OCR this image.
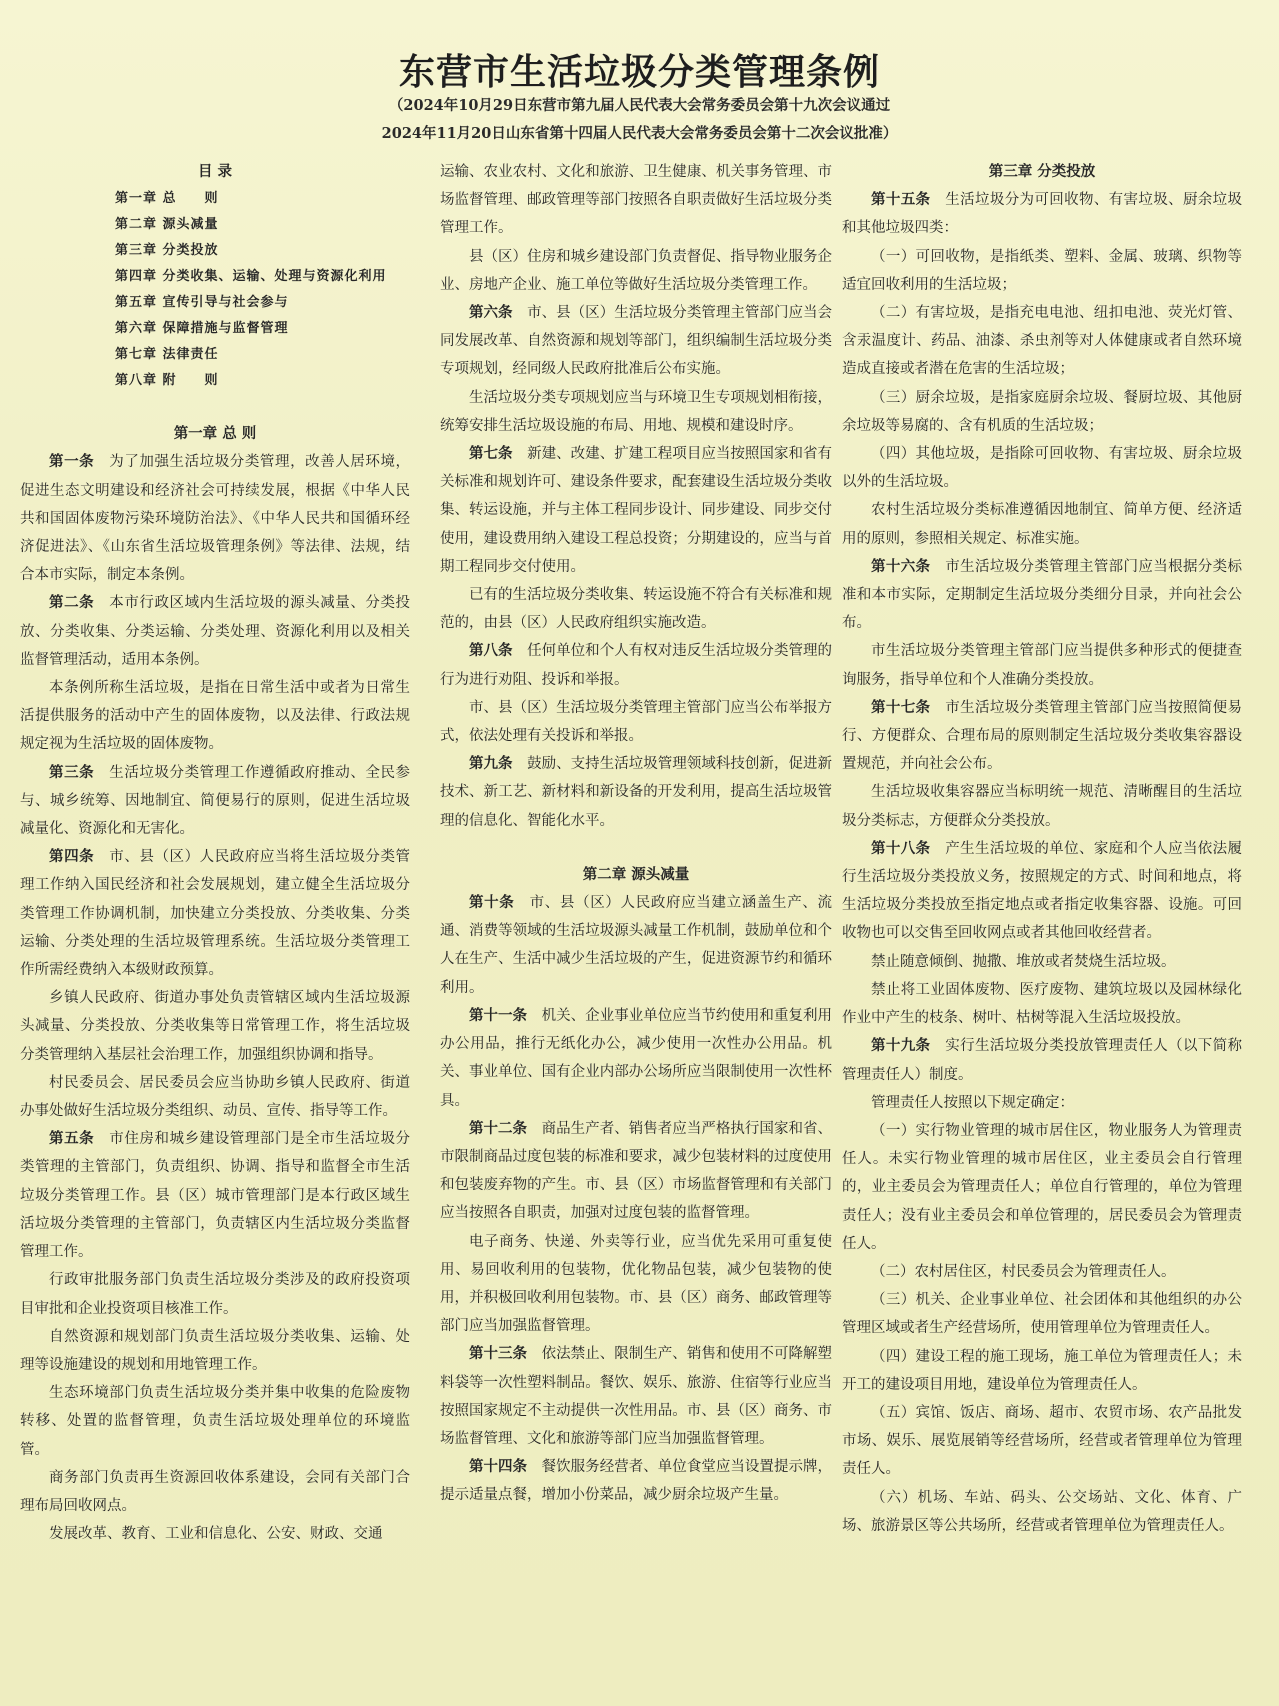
东营市生活垃圾分类管理条例
（2024年10月29日东营市第九届人民代表大会常务委员会第十九次会议通过
2024年11月20日山东省第十四届人民代表大会常务委员会第十二次会议批准）

目 录

第一章 总　　则
第二章 源头减量
第三章 分类投放
第四章 分类收集、运输、处理与资源化利用
第五章 宣传引导与社会参与
第六章 保障措施与监督管理
第七章 法律责任
第八章 附　　则

第一章 总 则

第一条　 为了加强生活垃圾分类管理，改善人居环境，促进生态文明建设和经济社会可持续发展，根据《中华人民共和国固体废物污染环境防治法》、《中华人民共和国循环经济促进法》、《山东省生活垃圾管理条例》等法律、法规，结合本市实际，制定本条例。

第二条　 本市行政区域内生活垃圾的源头减量、分类投放、分类收集、分类运输、分类处理、资源化利用以及相关监督管理活动，适用本条例。

本条例所称生活垃圾，是指在日常生活中或者为日常生活提供服务的活动中产生的固体废物，以及法律、行政法规规定视为生活垃圾的固体废物。

第三条　 生活垃圾分类管理工作遵循政府推动、全民参与、城乡统筹、因地制宜、简便易行的原则，促进生活垃圾减量化、资源化和无害化。

第四条　 市、县（区）人民政府应当将生活垃圾分类管理工作纳入国民经济和社会发展规划，建立健全生活垃圾分类管理工作协调机制，加快建立分类投放、分类收集、分类运输、分类处理的生活垃圾管理系统。生活垃圾分类管理工作所需经费纳入本级财政预算。

乡镇人民政府、街道办事处负责管辖区域内生活垃圾源头减量、分类投放、分类收集等日常管理工作，将生活垃圾分类管理纳入基层社会治理工作，加强组织协调和指导。

村民委员会、居民委员会应当协助乡镇人民政府、街道办事处做好生活垃圾分类组织、动员、宣传、指导等工作。

第五条　 市住房和城乡建设管理部门是全市生活垃圾分类管理的主管部门，负责组织、协调、指导和监督全市生活垃圾分类管理工作。县（区）城市管理部门是本行政区域生活垃圾分类管理的主管部门，负责辖区内生活垃圾分类监督管理工作。

行政审批服务部门负责生活垃圾分类涉及的政府投资项目审批和企业投资项目核准工作。

自然资源和规划部门负责生活垃圾分类收集、运输、处理等设施建设的规划和用地管理工作。

生态环境部门负责生活垃圾分类并集中收集的危险废物转移、处置的监督管理，负责生活垃圾处理单位的环境监管。

商务部门负责再生资源回收体系建设，会同有关部门合理布局回收网点。

发展改革、教育、工业和信息化、公安、财政、交通

运输、农业农村、文化和旅游、卫生健康、机关事务管理、市场监督管理、邮政管理等部门按照各自职责做好生活垃圾分类管理工作。

县（区）住房和城乡建设部门负责督促、指导物业服务企业、房地产企业、施工单位等做好生活垃圾分类管理工作。

第六条　 市、县（区）生活垃圾分类管理主管部门应当会同发展改革、自然资源和规划等部门，组织编制生活垃圾分类专项规划，经同级人民政府批准后公布实施。

生活垃圾分类专项规划应当与环境卫生专项规划相衔接，统筹安排生活垃圾设施的布局、用地、规模和建设时序。

第七条　 新建、改建、扩建工程项目应当按照国家和省有关标准和规划许可、建设条件要求，配套建设生活垃圾分类收集、转运设施，并与主体工程同步设计、同步建设、同步交付使用，建设费用纳入建设工程总投资；分期建设的，应当与首期工程同步交付使用。

已有的生活垃圾分类收集、转运设施不符合有关标准和规范的，由县（区）人民政府组织实施改造。

第八条　 任何单位和个人有权对违反生活垃圾分类管理的行为进行劝阻、投诉和举报。

市、县（区）生活垃圾分类管理主管部门应当公布举报方式，依法处理有关投诉和举报。

第九条　 鼓励、支持生活垃圾管理领域科技创新，促进新技术、新工艺、新材料和新设备的开发利用，提高生活垃圾管理的信息化、智能化水平。

第二章 源头减量

第十条　 市、县（区）人民政府应当建立涵盖生产、流通、消费等领域的生活垃圾源头减量工作机制，鼓励单位和个人在生产、生活中减少生活垃圾的产生，促进资源节约和循环利用。

第十一条　 机关、企业事业单位应当节约使用和重复利用办公用品，推行无纸化办公，减少使用一次性办公用品。机关、事业单位、国有企业内部办公场所应当限制使用一次性杯具。

第十二条　 商品生产者、销售者应当严格执行国家和省、市限制商品过度包装的标准和要求，减少包装材料的过度使用和包装废弃物的产生。市、县（区）市场监督管理和有关部门应当按照各自职责，加强对过度包装的监督管理。

电子商务、快递、外卖等行业，应当优先采用可重复使用、易回收利用的包装物，优化物品包装，减少包装物的使用，并积极回收利用包装物。市、县（区）商务、邮政管理等部门应当加强监督管理。

第十三条　 依法禁止、限制生产、销售和使用不可降解塑料袋等一次性塑料制品。餐饮、娱乐、旅游、住宿等行业应当按照国家规定不主动提供一次性用品。市、县（区）商务、市场监督管理、文化和旅游等部门应当加强监督管理。

第十四条　 餐饮服务经营者、单位食堂应当设置提示牌，提示适量点餐，增加小份菜品，减少厨余垃圾产生量。

第三章 分类投放

第十五条　 生活垃圾分为可回收物、有害垃圾、厨余垃圾和其他垃圾四类：

（一）可回收物，是指纸类、塑料、金属、玻璃、织物等适宜回收利用的生活垃圾；

（二）有害垃圾，是指充电电池、纽扣电池、荧光灯管、含汞温度计、药品、油漆、杀虫剂等对人体健康或者自然环境造成直接或者潜在危害的生活垃圾；

（三）厨余垃圾，是指家庭厨余垃圾、餐厨垃圾、其他厨余垃圾等易腐的、含有机质的生活垃圾；

（四）其他垃圾，是指除可回收物、有害垃圾、厨余垃圾以外的生活垃圾。

农村生活垃圾分类标准遵循因地制宜、简单方便、经济适用的原则，参照相关规定、标准实施。

第十六条　 市生活垃圾分类管理主管部门应当根据分类标准和本市实际，定期制定生活垃圾分类细分目录，并向社会公布。

市生活垃圾分类管理主管部门应当提供多种形式的便捷查询服务，指导单位和个人准确分类投放。

第十七条　 市生活垃圾分类管理主管部门应当按照简便易行、方便群众、合理布局的原则制定生活垃圾分类收集容器设置规范，并向社会公布。

生活垃圾收集容器应当标明统一规范、清晰醒目的生活垃圾分类标志，方便群众分类投放。

第十八条　 产生生活垃圾的单位、家庭和个人应当依法履行生活垃圾分类投放义务，按照规定的方式、时间和地点，将生活垃圾分类投放至指定地点或者指定收集容器、设施。可回收物也可以交售至回收网点或者其他回收经营者。

禁止随意倾倒、抛撒、堆放或者焚烧生活垃圾。

禁止将工业固体废物、医疗废物、建筑垃圾以及园林绿化作业中产生的枝条、树叶、枯树等混入生活垃圾投放。

第十九条　 实行生活垃圾分类投放管理责任人（以下简称管理责任人）制度。

管理责任人按照以下规定确定：

（一）实行物业管理的城市居住区，物业服务人为管理责任人。未实行物业管理的城市居住区，业主委员会自行管理的，业主委员会为管理责任人；单位自行管理的，单位为管理责任人；没有业主委员会和单位管理的，居民委员会为管理责任人。

（二）农村居住区，村民委员会为管理责任人。

（三）机关、企业事业单位、社会团体和其他组织的办公管理区域或者生产经营场所，使用管理单位为管理责任人。

（四）建设工程的施工现场，施工单位为管理责任人；未开工的建设项目用地，建设单位为管理责任人。

（五）宾馆、饭店、商场、超市、农贸市场、农产品批发市场、娱乐、展览展销等经营场所，经营或者管理单位为管理责任人。

（六）机场、车站、码头、公交场站、文化、体育、广场、旅游景区等公共场所，经营或者管理单位为管理责任人。
